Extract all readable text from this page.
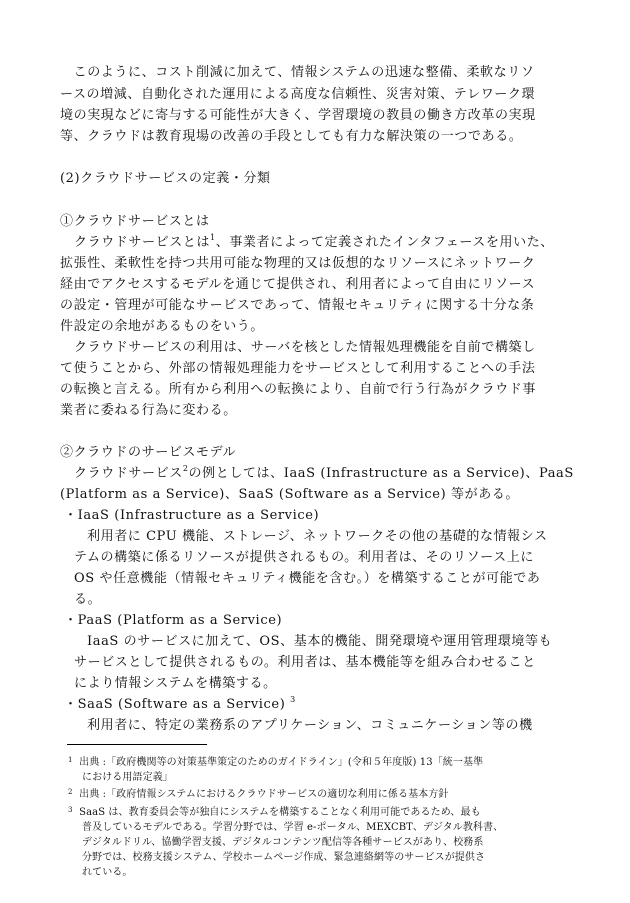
　このように、コスト削減に加えて、情報システムの迅速な整備、柔軟なリソ
ースの増減、自動化された運用による高度な信頼性、災害対策、テレワーク環
境の実現などに寄与する可能性が大きく、学習環境の教員の働き方改革の実現
等、クラウドは教育現場の改善の手段としても有力な解決策の一つである。
(2)クラウドサービスの定義・分類
①クラウドサービスとは
クラウドサービスとは$^1$、事業者によって定義されたインタフェースを用いた、
拡張性、柔軟性を持つ共用可能な物理的又は仮想的なリソースにネットワーク
経由でアクセスするモデルを通じて提供され、利用者によって自由にリソース
の設定・管理が可能なサービスであって、情報セキュリティに関する十分な条
件設定の余地があるものをいう。
クラウドサービスの利用は、サーバを核とした情報処理機能を自前で構築し
て使うことから、外部の情報処理能力をサービスとして利用することへの手法
の転換と言える。所有から利用への転換により、自前で行う行為がクラウド事
業者に委ねる行為に変わる。
②クラウドのサービスモデル
クラウドサービス$^2$の例としては、IaaS (Infrastructure as a Service)、PaaS
(Platform as a Service)、SaaS (Software as a Service) 等がある。
・IaaS (Infrastructure as a Service)
利用者に CPU 機能、ストレージ、ネットワークその他の基礎的な情報シス
テムの構築に係るリソースが提供されるもの。利用者は、そのリソース上に
OS や任意機能（情報セキュリティ機能を含む。）を構築することが可能であ
る。
・PaaS (Platform as a Service)
IaaS のサービスに加えて、OS、基本的機能、開発環境や運用管理環境等も
サービスとして提供されるもの。利用者は、基本機能等を組み合わせること
により情報システムを構築する。
・SaaS (Software as a Service) $^3$
利用者に、特定の業務系のアプリケーション、コミュニケーション等の機
$^1$ 出典 :「政府機関等の対策基準策定のためのガイドライン」(令和５年度版) 13「統一基準
における用語定義」
$^2$ 出典 :「政府情報システムにおけるクラウドサービスの適切な利用に係る基本方針
$^3$ SaaS は、教育委員会等が独自にシステムを構築することなく利用可能であるため、最も
普及しているモデルである。学習分野では、学習 e-ポータル、MEXCBT、デジタル教科書、
デジタルドリル、協働学習支援、デジタルコンテンツ配信等各種サービスがあり、校務系
分野では、校務支援システム、学校ホームページ作成、緊急連絡網等のサービスが提供さ
れている。
